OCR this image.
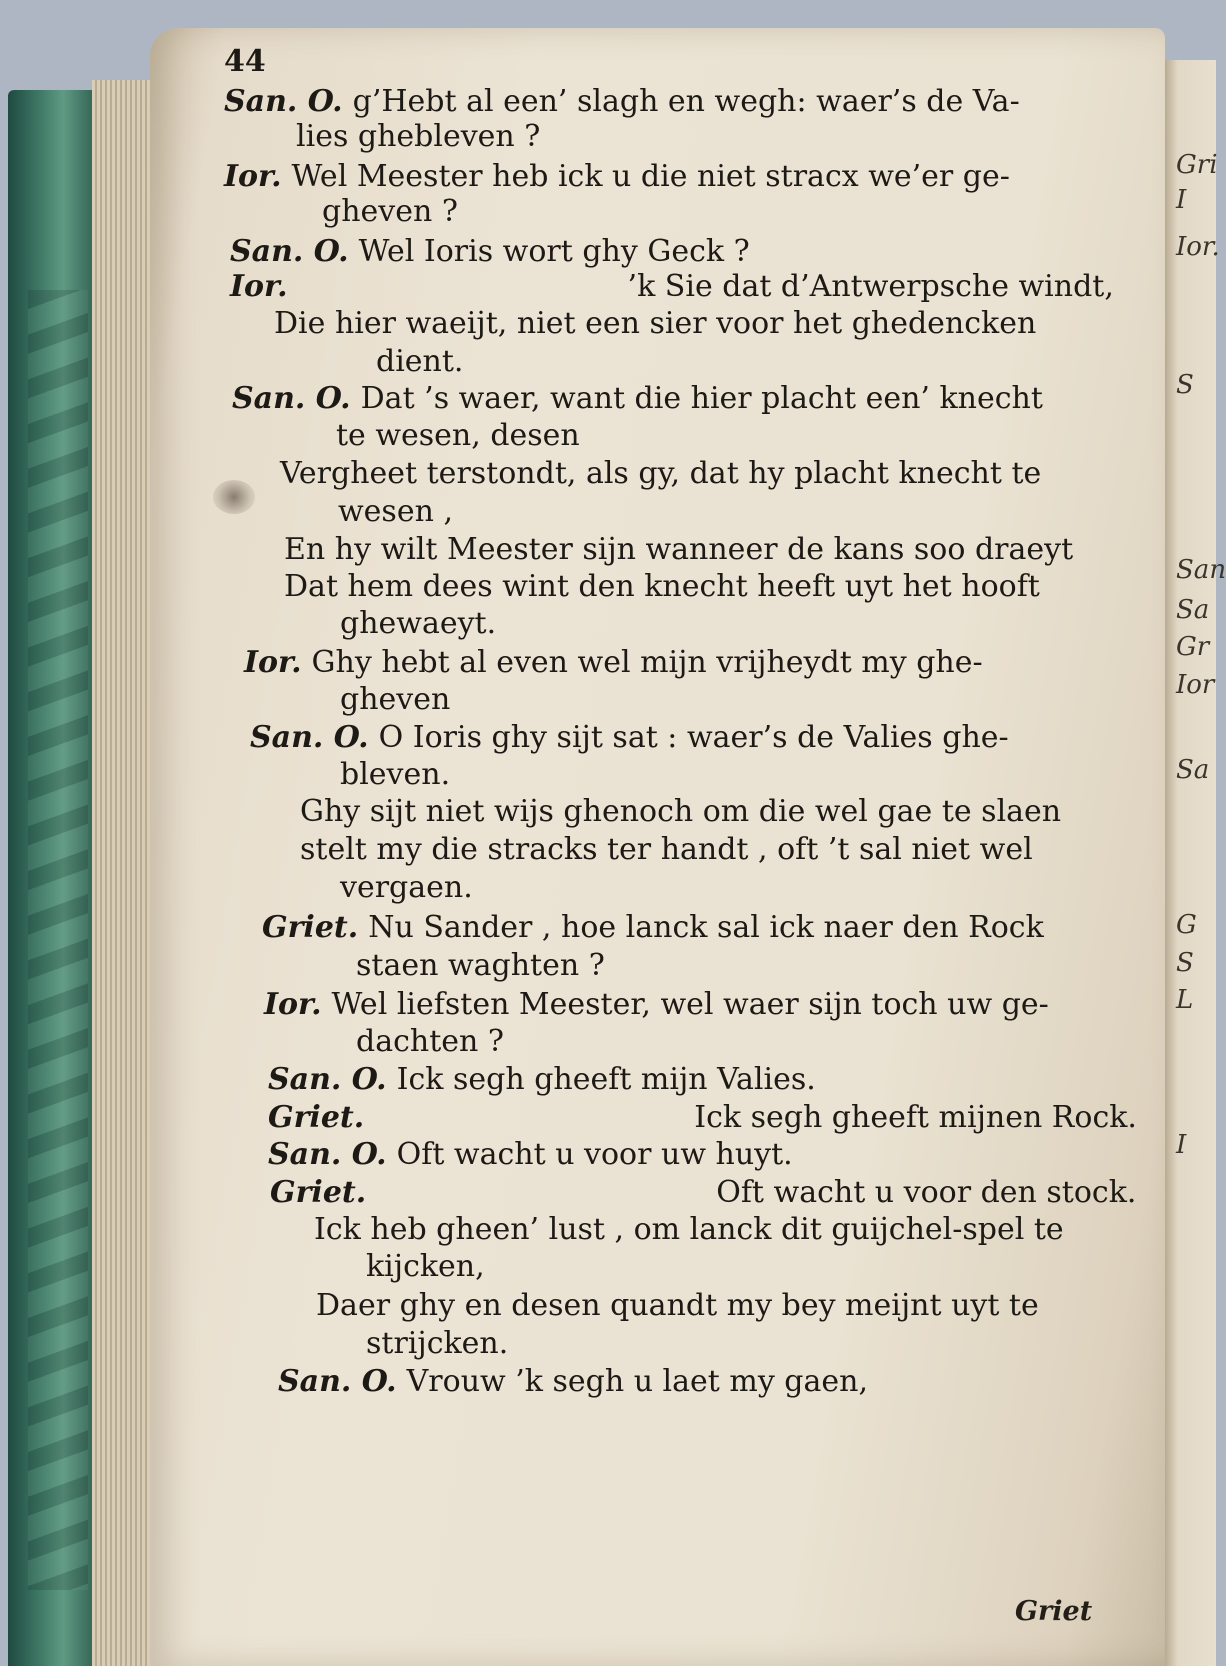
44
San. O. g’Hebt al een’ slagh en wegh: waer’s de Va-
lies ghebleven ?
Ior. Wel Meester heb ick u die niet stracx we’er ge-
gheven ?
San. O. Wel Ioris wort ghy Geck ?
Ior.	’k Sie dat d’Antwerpsche windt,
Die hier waeijt, niet een sier voor het ghedencken
dient.
San. O. Dat ’s waer, want die hier placht een’ knecht
te wesen, desen
Vergheet terstondt, als gy, dat hy placht knecht te
wesen ,
En hy wilt Meester sijn wanneer de kans soo draeyt
Dat hem dees wint den knecht heeft uyt het hooft
ghewaeyt.
Ior. Ghy hebt al even wel mijn vrijheydt my ghe-
gheven
San. O. O Ioris ghy sijt sat : waer’s de Valies ghe-
bleven.
Ghy sijt niet wijs ghenoch om die wel gae te slaen
stelt my die stracks ter handt , oft ’t sal niet wel
vergaen.
Griet. Nu Sander , hoe lanck sal ick naer den Rock
staen waghten ?
Ior. Wel liefsten Meester, wel waer sijn toch uw ge-
dachten ?
San. O. Ick segh gheeft mijn Valies.
Griet.	Ick segh gheeft mijnen Rock.
San. O. Oft wacht u voor uw huyt.
Griet.	Oft wacht u voor den stock.
Ick heb gheen’ lust , om lanck dit guijchel-spel te
kijcken,
Daer ghy en desen quandt my bey meijnt uyt te
strijcken.
San. O. Vrouw ’k segh u laet my gaen,
Gri
I
Ior.
S
San
Sa
Gr
Ior
Sa
G
S
L
I
Griet
